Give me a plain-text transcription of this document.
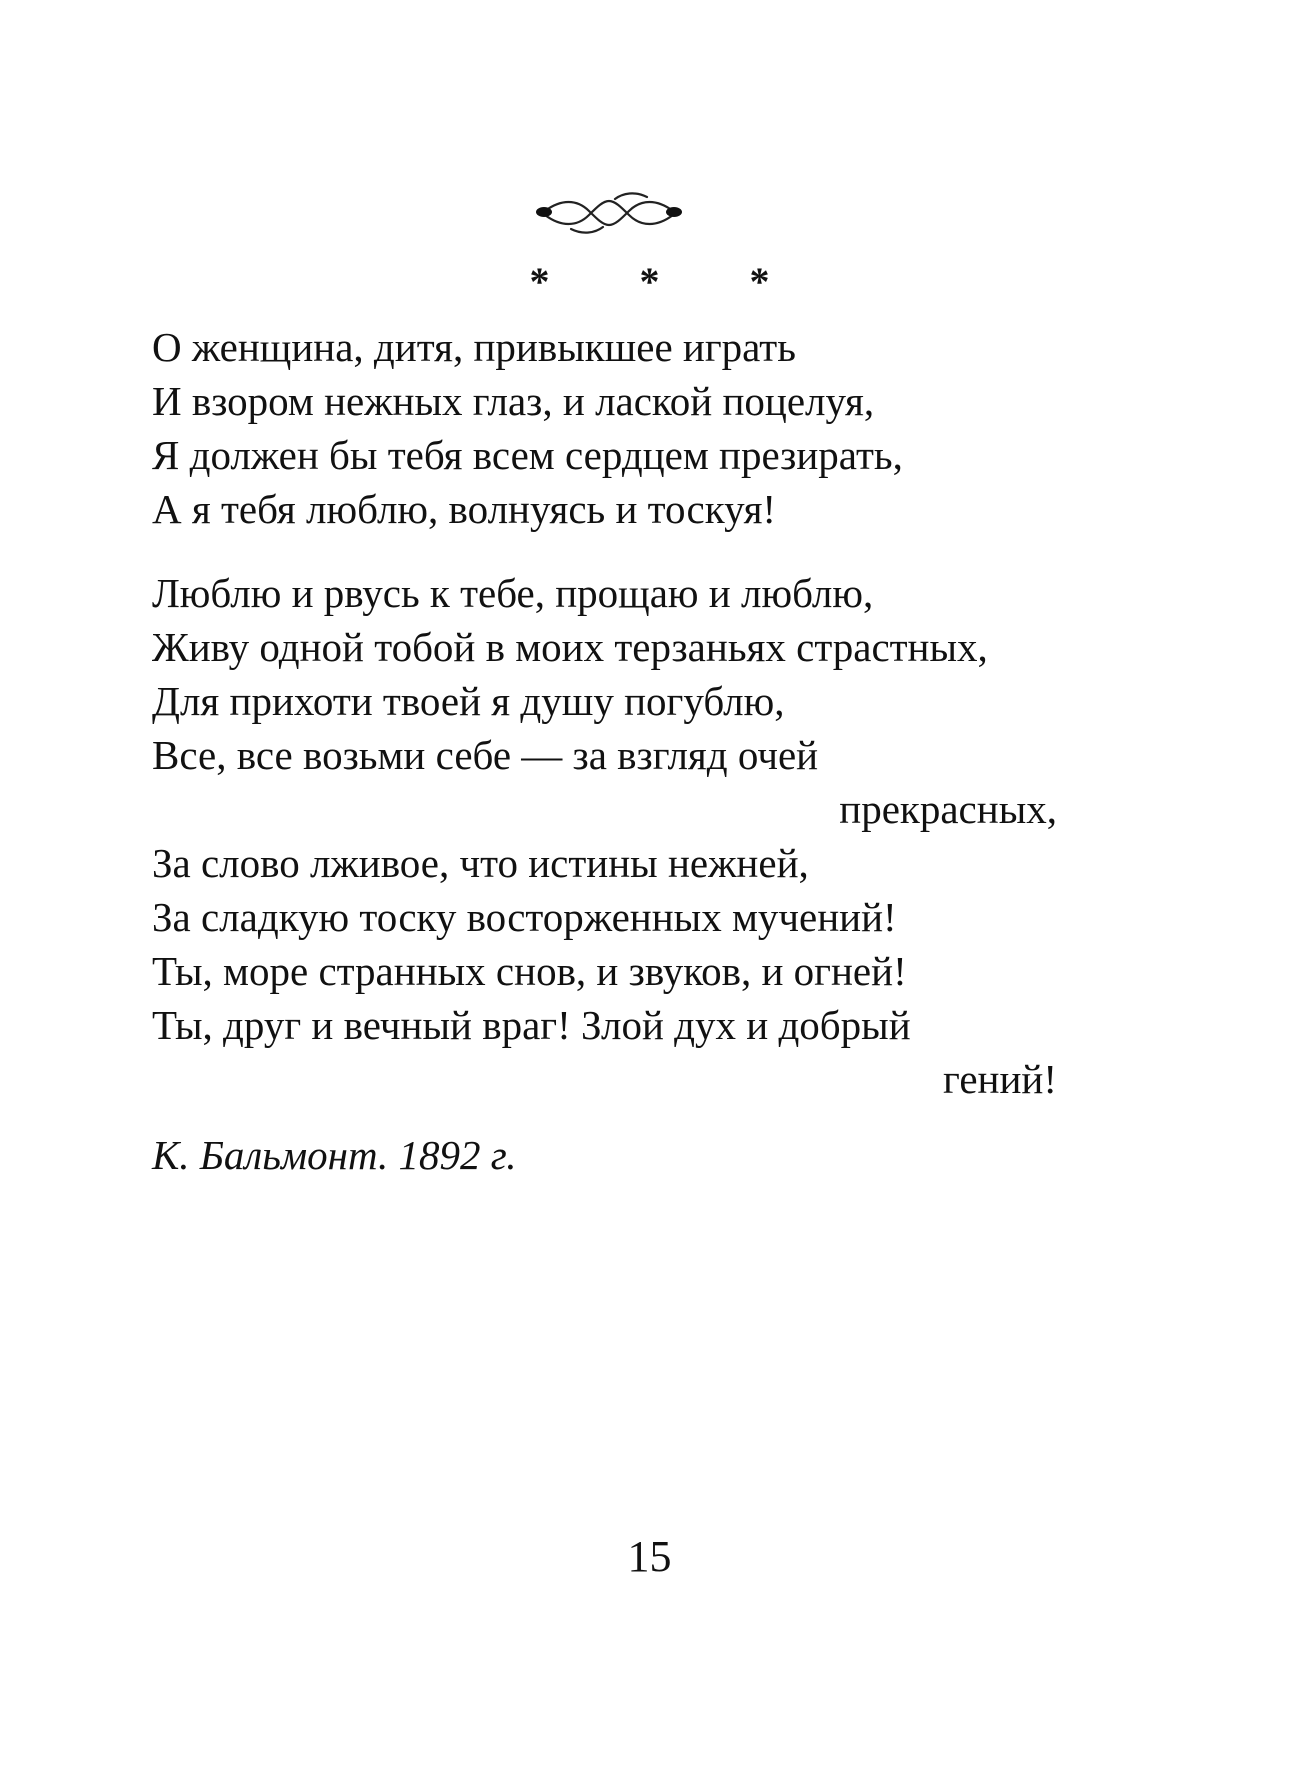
* * *
О женщина, дитя, привыкшее играть
И взором нежных глаз, и лаской поцелуя,
Я должен бы тебя всем сердцем презирать,
А я тебя люблю, волнуясь и тоскуя!
Люблю и рвусь к тебе, прощаю и люблю,
Живу одной тобой в моих терзаньях страстных,
Для прихоти твоей я душу погублю,
Все, все возьми себе — за взгляд очей
прекрасных,
За слово лживое, что истины нежней,
За сладкую тоску восторженных мучений!
Ты, море странных снов, и звуков, и огней!
Ты, друг и вечный враг! Злой дух и добрый
гений!
К. Бальмонт. 1892 г.
15
